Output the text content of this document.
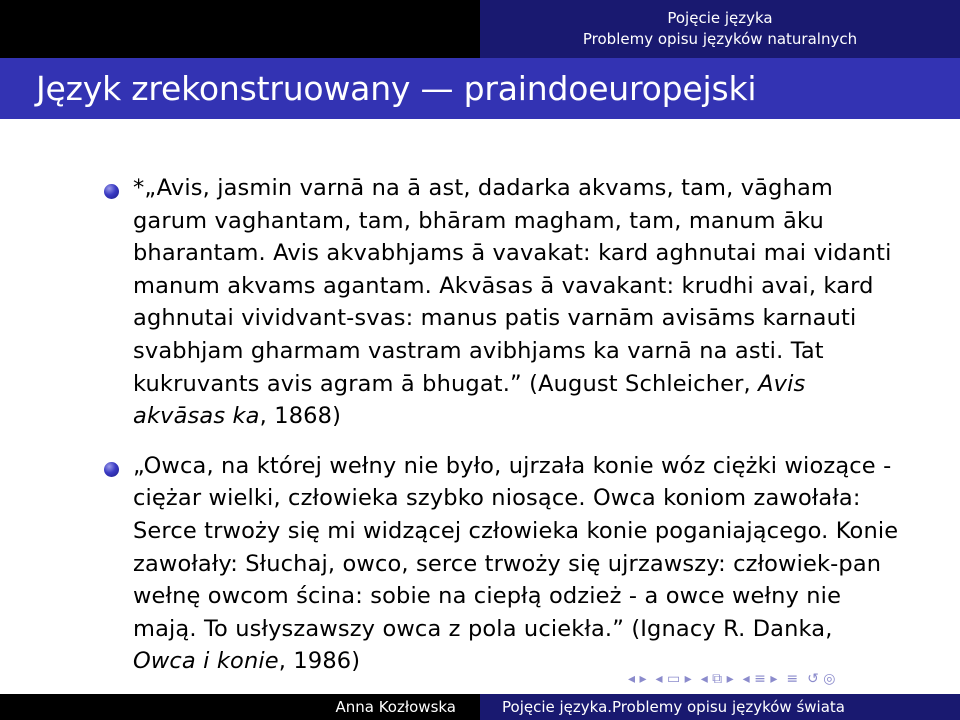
Pojęcie języka
Problemy opisu języków naturalnych
Język zrekonstruowany — praindoeuropejski

*„Avis, jasmin varnā na ā ast, dadarka akvams, tam, vāgham garum vaghantam, tam, bhāram magham, tam, manum āku bharantam. Avis akvabhjams ā vavakat: kard aghnutai mai vidanti manum akvams agantam. Akvāsas ā vavakant: krudhi avai, kard aghnutai vividvant-svas: manus patis varnām avisāms karnauti svabhjam gharmam vastram avibhjams ka varnā na asti. Tat kukruvants avis agram ā bhugat.” (August Schleicher, Avis akvāsas ka, 1868)

„Owca, na której wełny nie było, ujrzała konie wóz ciężki wiozące - ciężar wielki, człowieka szybko niosące. Owca koniom zawołała: Serce trwoży się mi widzącej człowieka konie poganiającego. Konie zawołały: Słuchaj, owco, serce trwoży się ujrzawszy: człowiek-pan wełnę owcom ścina: sobie na ciepłą odzież - a owce wełny nie mają. To usłyszawszy owca z pola uciekła.” (Ignacy R. Danka, Owca i konie, 1986)

◂ ▸ ◂ ▭ ▸ ◂ ⧉ ▸ ◂ ≡ ▸ ≡ ↺ ◎
Anna Kozłowska	Pojęcie języka.Problemy opisu języków świata
